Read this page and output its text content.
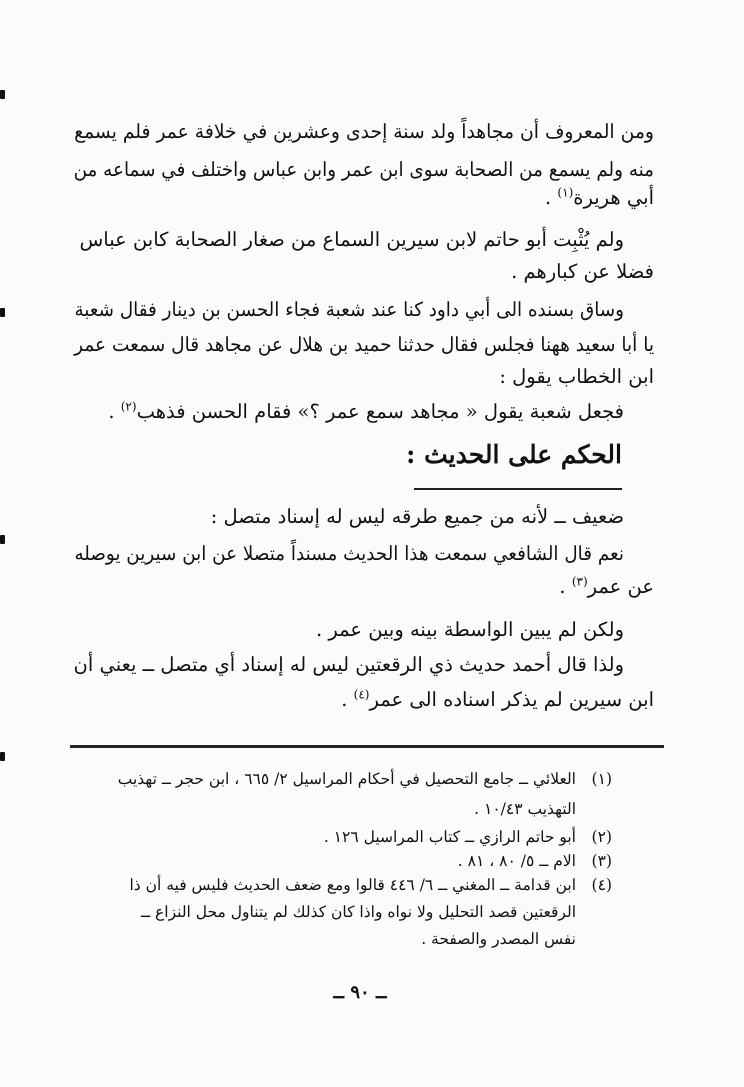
ومن المعروف أن مجاهداً ولد سنة إحدى وعشرين في خلافة عمر فلم يسمع
منه ولم يسمع من الصحابة سوى ابن عمر وابن عباس واختلف في سماعه من
أبي هريرة$^{(١)}$ .
ولم يُثْبِت أبو حاتم لابن سيرين السماع من صغار الصحابة كابن عباس
فضلا عن كبارهم .
وساق بسنده الى أبي داود كنا عند شعبة فجاء الحسن بن دينار فقال شعبة
يا أبا سعيد ههنا فجلس فقال حدثنا حميد بن هلال عن مجاهد قال سمعت عمر
ابن الخطاب يقول :
فجعل شعبة يقول « مجاهد سمع عمر ؟» فقام الحسن فذهب$^{(٢)}$ .
الحكم على الحديث :
ضعيف ــ لأنه من جميع طرقه ليس له إسناد متصل :
نعم قال الشافعي سمعت هذا الحديث مسنداً متصلا عن ابن سيرين يوصله
عن عمر$^{(٣)}$ .
ولكن لم يبين الواسطة بينه وبين عمر .
ولذا قال أحمد حديث ذي الرقعتين ليس له إسناد أي متصل ــ يعني أن
ابن سيرين لم يذكر اسناده الى عمر$^{(٤)}$ .
(١)
العلائي ــ جامع التحصيل في أحكام المراسيل ٢/ ٦٦٥ ، ابن حجر ــ تهذيب
التهذيب ١٠/٤٣ .
(٢)
أبو حاتم الرازي ــ كتاب المراسيل ١٢٦ .
(٣)
الام ــ ٥/ ٨٠ ، ٨١ .
(٤)
ابن قدامة ــ المغني ــ ٦/ ٤٤٦ قالوا ومع ضعف الحديث فليس فيه أن ذا
الرقعتين قصد التحليل ولا نواه واذا كان كذلك لم يتناول محل النزاع ــ
نفس المصدر والصفحة .
ــ ٩٠ ــ
